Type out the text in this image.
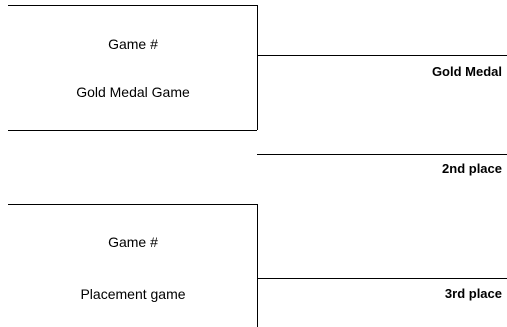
Game #
Gold Medal Game
Gold Medal
2nd place
Game #
Placement game	3rd place
